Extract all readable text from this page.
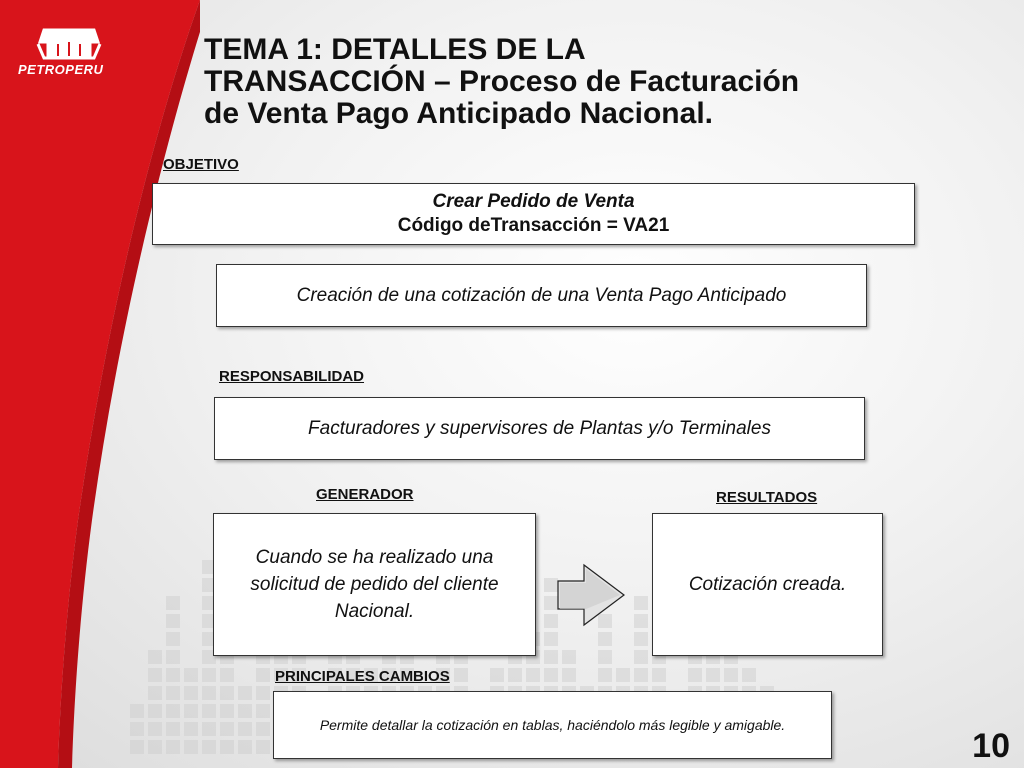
PETROPERU
TEMA 1: DETALLES DE LA
TRANSACCIÓN – Proceso de Facturación
de Venta Pago Anticipado Nacional.
OBJETIVO
Crear Pedido de Venta
Código deTransacción = VA21
Creación de una cotización de una Venta Pago Anticipado
RESPONSABILIDAD
Facturadores y supervisores de Plantas y/o Terminales
GENERADOR
Cuando se ha realizado una solicitud de pedido del cliente Nacional.
RESULTADOS
Cotización creada.
PRINCIPALES CAMBIOS
Permite detallar la cotización en tablas, haciéndolo más legible y amigable.
10
